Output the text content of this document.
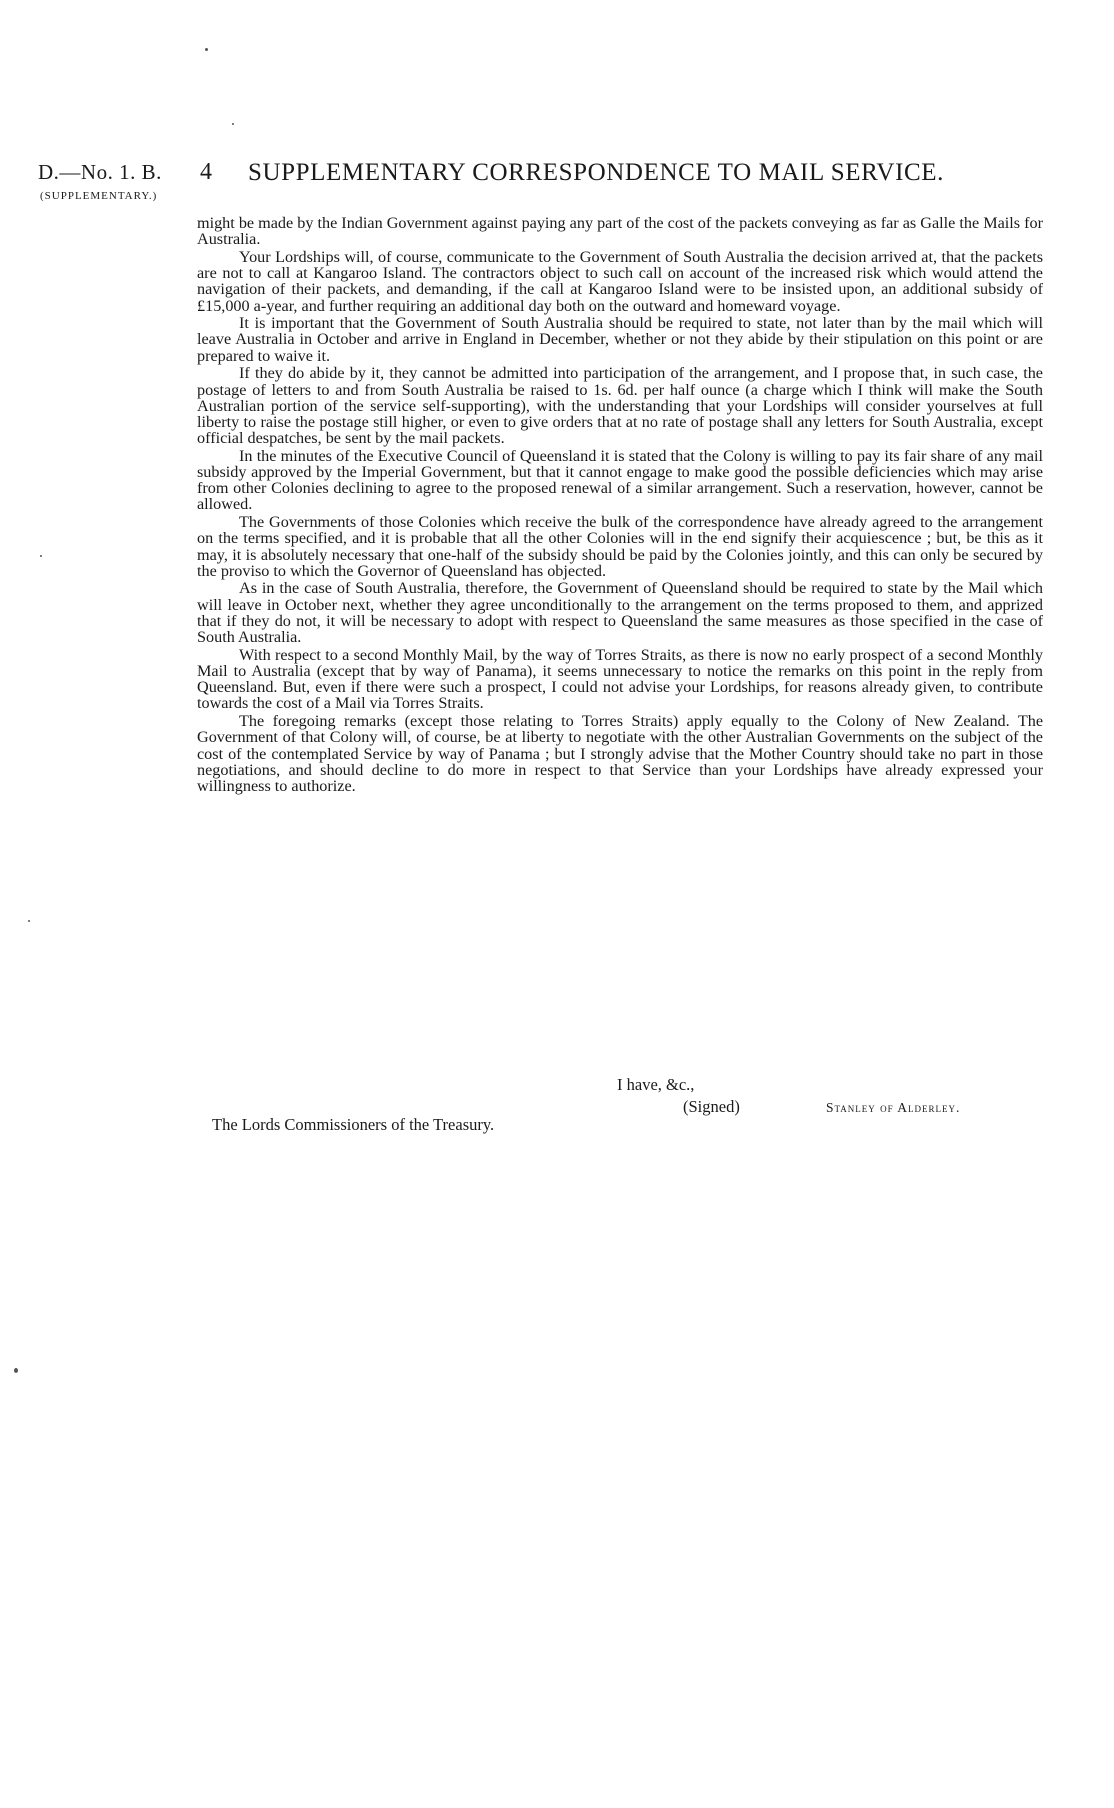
D.—No. 1. B.
(SUPPLEMENTARY.)
4 SUPPLEMENTARY CORRESPONDENCE TO MAIL SERVICE.

might be made by the Indian Government against paying any part of the cost of the packets conveying as far as Galle the Mails for Australia.

Your Lordships will, of course, communicate to the Government of South Australia the decision arrived at, that the packets are not to call at Kangaroo Island. The contractors object to such call on account of the increased risk which would attend the navigation of their packets, and demanding, if the call at Kangaroo Island were to be insisted upon, an additional subsidy of £15,000 a-year, and further requiring an additional day both on the outward and homeward voyage.

It is important that the Government of South Australia should be required to state, not later than by the mail which will leave Australia in October and arrive in England in December, whether or not they abide by their stipulation on this point or are prepared to waive it.

If they do abide by it, they cannot be admitted into participation of the arrangement, and I propose that, in such case, the postage of letters to and from South Australia be raised to 1s. 6d. per half ounce (a charge which I think will make the South Australian portion of the service self-supporting), with the understanding that your Lordships will consider yourselves at full liberty to raise the postage still higher, or even to give orders that at no rate of postage shall any letters for South Australia, except official despatches, be sent by the mail packets.

In the minutes of the Executive Council of Queensland it is stated that the Colony is willing to pay its fair share of any mail subsidy approved by the Imperial Government, but that it cannot engage to make good the possible deficiencies which may arise from other Colonies declining to agree to the proposed renewal of a similar arrangement. Such a reservation, however, cannot be allowed.

The Governments of those Colonies which receive the bulk of the correspondence have already agreed to the arrangement on the terms specified, and it is probable that all the other Colonies will in the end signify their acquiescence ; but, be this as it may, it is absolutely necessary that one-half of the subsidy should be paid by the Colonies jointly, and this can only be secured by the proviso to which the Governor of Queensland has objected.

As in the case of South Australia, therefore, the Government of Queensland should be required to state by the Mail which will leave in October next, whether they agree unconditionally to the arrangement on the terms proposed to them, and apprized that if they do not, it will be necessary to adopt with respect to Queensland the same measures as those specified in the case of South Australia.

With respect to a second Monthly Mail, by the way of Torres Straits, as there is now no early prospect of a second Monthly Mail to Australia (except that by way of Panama), it seems unnecessary to notice the remarks on this point in the reply from Queensland. But, even if there were such a prospect, I could not advise your Lordships, for reasons already given, to contribute towards the cost of a Mail via Torres Straits.

The foregoing remarks (except those relating to Torres Straits) apply equally to the Colony of New Zealand. The Government of that Colony will, of course, be at liberty to negotiate with the other Australian Governments on the subject of the cost of the contemplated Service by way of Panama ; but I strongly advise that the Mother Country should take no part in those negotiations, and should decline to do more in respect to that Service than your Lordships have already expressed your willingness to authorize.

I have, &c.,
(Signed)	Stanley of Alderley.
The Lords Commissioners of the Treasury.
